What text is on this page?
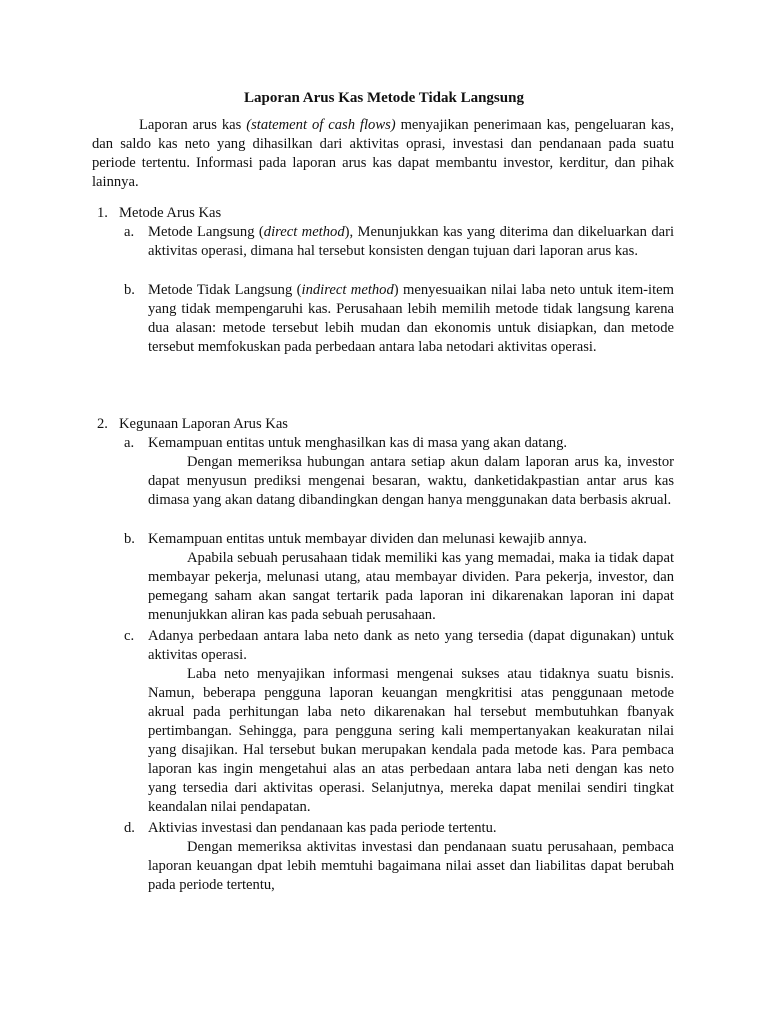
Laporan Arus Kas Metode Tidak Langsung

Laporan arus kas (statement of cash flows) menyajikan penerimaan kas, pengeluaran kas, dan saldo kas neto yang dihasilkan dari aktivitas oprasi, investasi dan pendanaan pada suatu periode tertentu. Informasi pada laporan arus kas dapat membantu investor, kerditur, dan pihak lainnya.

1. Metode Arus Kas
a. Metode Langsung (direct method), Menunjukkan kas yang diterima dan dikeluarkan dari aktivitas operasi, dimana hal tersebut konsisten dengan tujuan dari laporan arus kas.

b. Metode Tidak Langsung (indirect method) menyesuaikan nilai laba neto untuk item-item yang tidak mempengaruhi kas. Perusahaan lebih memilih metode tidak langsung karena dua alasan: metode tersebut lebih mudan dan ekonomis untuk disiapkan, dan metode tersebut memfokuskan pada perbedaan antara laba netodari aktivitas operasi.

2. Kegunaan Laporan Arus Kas
a. Kemampuan entitas untuk menghasilkan kas di masa yang akan datang.

Dengan memeriksa hubungan antara setiap akun dalam laporan arus ka, investor dapat menyusun prediksi mengenai besaran, waktu, danketidakpastian antar arus kas dimasa yang akan datang dibandingkan dengan hanya menggunakan data berbasis akrual.

b. Kemampuan entitas untuk membayar dividen dan melunasi kewajib annya.

Apabila sebuah perusahaan tidak memiliki kas yang memadai, maka ia tidak dapat membayar pekerja, melunasi utang, atau membayar dividen. Para pekerja, investor, dan pemegang saham akan sangat tertarik pada laporan ini dikarenakan laporan ini dapat menunjukkan aliran kas pada sebuah perusahaan.

c. Adanya perbedaan antara laba neto dank as neto yang tersedia (dapat digunakan) untuk aktivitas operasi.

Laba neto menyajikan informasi mengenai sukses atau tidaknya suatu bisnis. Namun, beberapa pengguna laporan keuangan mengkritisi atas penggunaan metode akrual pada perhitungan laba neto dikarenakan hal tersebut membutuhkan fbanyak pertimbangan. Sehingga, para pengguna sering kali mempertanyakan keakuratan nilai yang disajikan. Hal tersebut bukan merupakan kendala pada metode kas. Para pembaca laporan kas ingin mengetahui alas an atas perbedaan antara laba neti dengan kas neto yang tersedia dari aktivitas operasi. Selanjutnya, mereka dapat menilai sendiri tingkat keandalan nilai pendapatan.

d. Aktivias investasi dan pendanaan kas pada periode tertentu.

Dengan memeriksa aktivitas investasi dan pendanaan suatu perusahaan, pembaca laporan keuangan dpat lebih memtuhi bagaimana nilai asset dan liabilitas dapat berubah pada periode tertentu,
